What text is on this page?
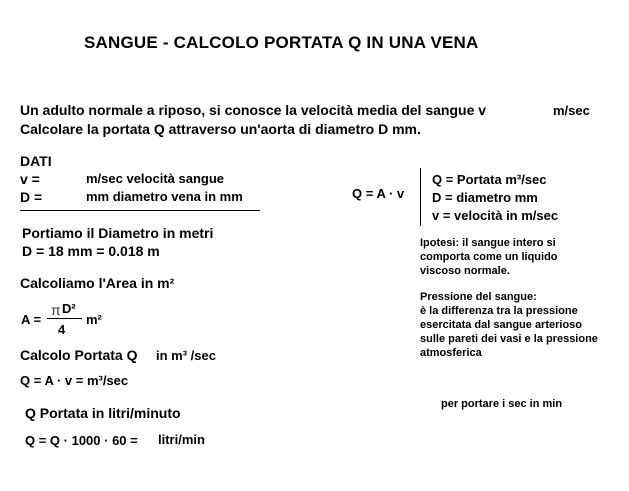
SANGUE - CALCOLO PORTATA Q IN UNA VENA
Un adulto normale a riposo, si conosce la velocità media del sangue v	m/sec
Calcolare la portata Q attraverso un'aorta di diametro D mm.
DATI
v =	m/sec velocità sangue
D =	mm diametro vena in mm	Q = A · v
Q = Portata m³/sec
D = diametro mm
v = velocità in m/sec
Portiamo il Diametro in metri
D = 18 mm = 0.018 m
Calcoliamo l'Area in m²
A =
π D²
4
m²
Calcolo Portata Q in m³ /sec
Q = A · v = m³/sec
Q Portata in litri/minuto
Q = Q · 1000 · 60 = litri/min
Ipotesi: il sangue intero si
comporta come un liquido
viscoso normale.
Pressione del sangue:
è la differenza tra la pressione
esercitata dal sangue arterioso
sulle pareti dei vasi e la pressione
atmosferica
per portare i sec in min
